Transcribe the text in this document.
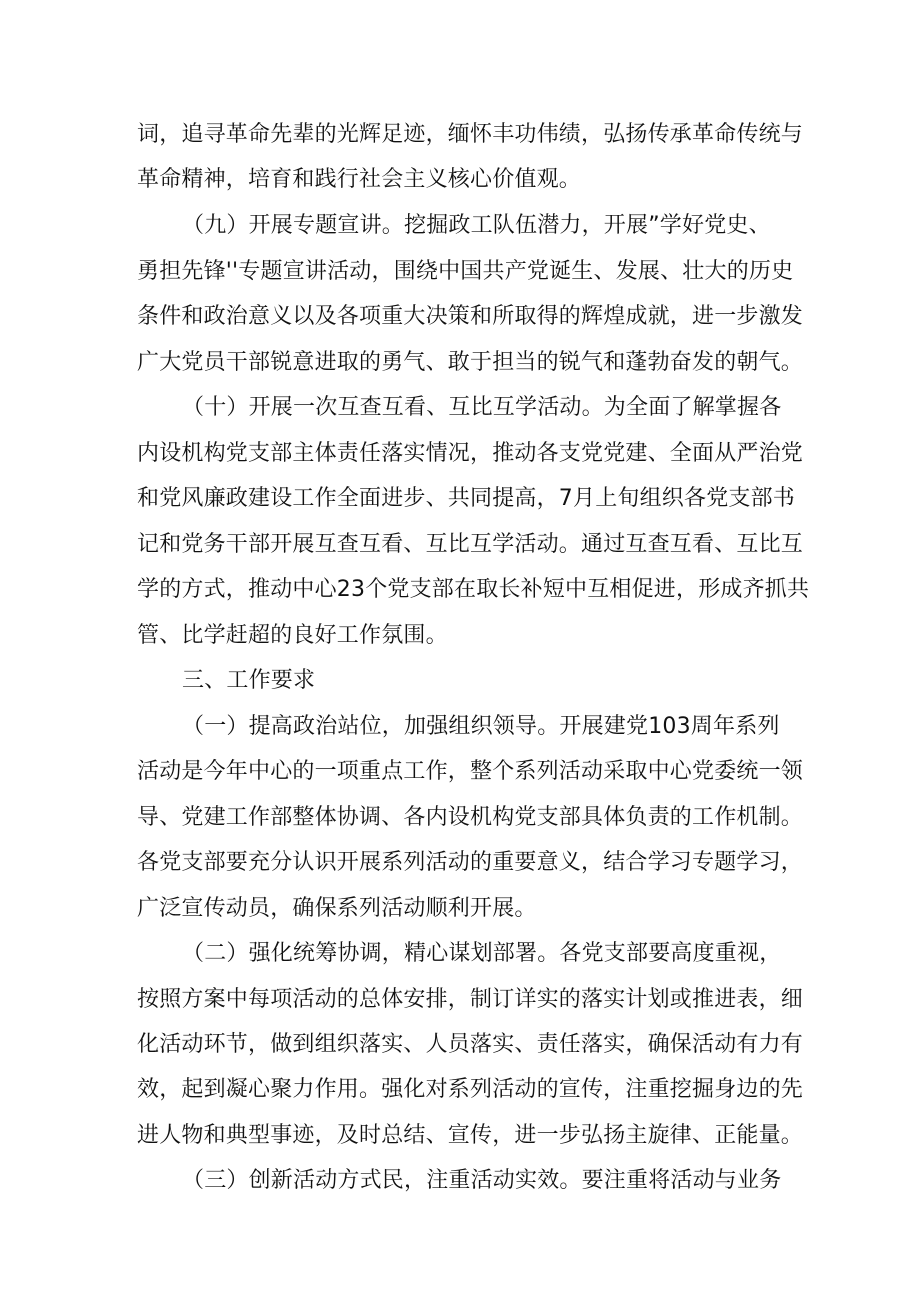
词，追寻革命先辈的光辉足迹，缅怀丰功伟绩，弘扬传承革命传统与
革命精神，培育和践行社会主义核心价值观。
（九）开展专题宣讲。挖掘政工队伍潜力，开展”学好党史、
勇担先锋''专题宣讲活动，围绕中国共产党诞生、发展、壮大的历史
条件和政治意义以及各项重大决策和所取得的辉煌成就，进一步激发
广大党员干部锐意进取的勇气、敢于担当的锐气和蓬勃奋发的朝气。
（十）开展一次互查互看、互比互学活动。为全面了解掌握各
内设机构党支部主体责任落实情况，推动各支党党建、全面从严治党
和党风廉政建设工作全面进步、共同提高，7月上旬组织各党支部书
记和党务干部开展互查互看、互比互学活动。通过互查互看、互比互
学的方式，推动中心23个党支部在取长补短中互相促进，形成齐抓共
管、比学赶超的良好工作氛围。
三、工作要求
（一）提高政治站位，加强组织领导。开展建党103周年系列
活动是今年中心的一项重点工作，整个系列活动采取中心党委统一领
导、党建工作部整体协调、各内设机构党支部具体负责的工作机制。
各党支部要充分认识开展系列活动的重要意义，结合学习专题学习，
广泛宣传动员，确保系列活动顺利开展。
（二）强化统筹协调，精心谋划部署。各党支部要高度重视，
按照方案中每项活动的总体安排，制订详实的落实计划或推进表，细
化活动环节，做到组织落实、人员落实、责任落实，确保活动有力有
效，起到凝心聚力作用。强化对系列活动的宣传，注重挖掘身边的先
进人物和典型事迹，及时总结、宣传，进一步弘扬主旋律、正能量。
（三）创新活动方式民，注重活动实效。要注重将活动与业务
